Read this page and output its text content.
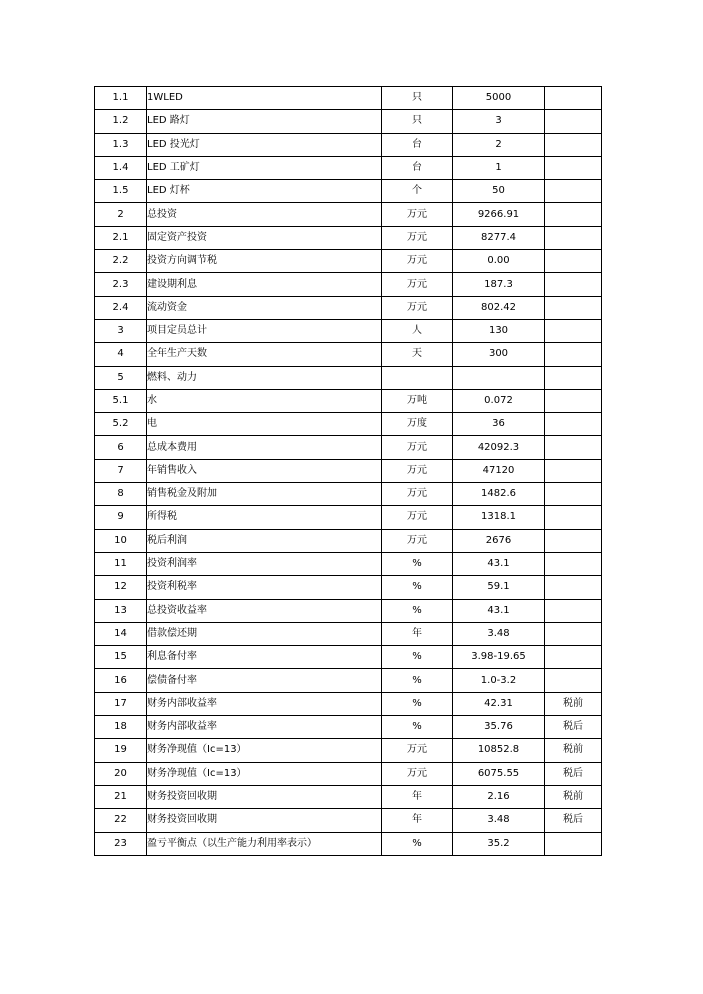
1.1	1WLED	只	5000	
1.2	LED 路灯	只	3	
1.3	LED 投光灯	台	2	
1.4	LED 工矿灯	台	1	
1.5	LED 灯杯	个	50	
2	总投资	万元	9266.91	
2.1	固定资产投资	万元	8277.4	
2.2	投资方向调节税	万元	0.00	
2.3	建设期利息	万元	187.3	
2.4	流动资金	万元	802.42	
3	项目定员总计	人	130	
4	全年生产天数	天	300	
5	燃料、动力			
5.1	水	万吨	0.072	
5.2	电	万度	36	
6	总成本费用	万元	42092.3	
7	年销售收入	万元	47120	
8	销售税金及附加	万元	1482.6	
9	所得税	万元	1318.1	
10	税后利润	万元	2676	
11	投资利润率	%	43.1	
12	投资利税率	%	59.1	
13	总投资收益率	%	43.1	
14	借款偿还期	年	3.48	
15	利息备付率	%	3.98-19.65	
16	偿债备付率	%	1.0-3.2	
17	财务内部收益率	%	42.31	税前
18	财务内部收益率	%	35.76	税后
19	财务净现值（Ic=13）	万元	10852.8	税前
20	财务净现值（Ic=13）	万元	6075.55	税后
21	财务投资回收期	年	2.16	税前
22	财务投资回收期	年	3.48	税后
23	盈亏平衡点（以生产能力利用率表示）	%	35.2	
